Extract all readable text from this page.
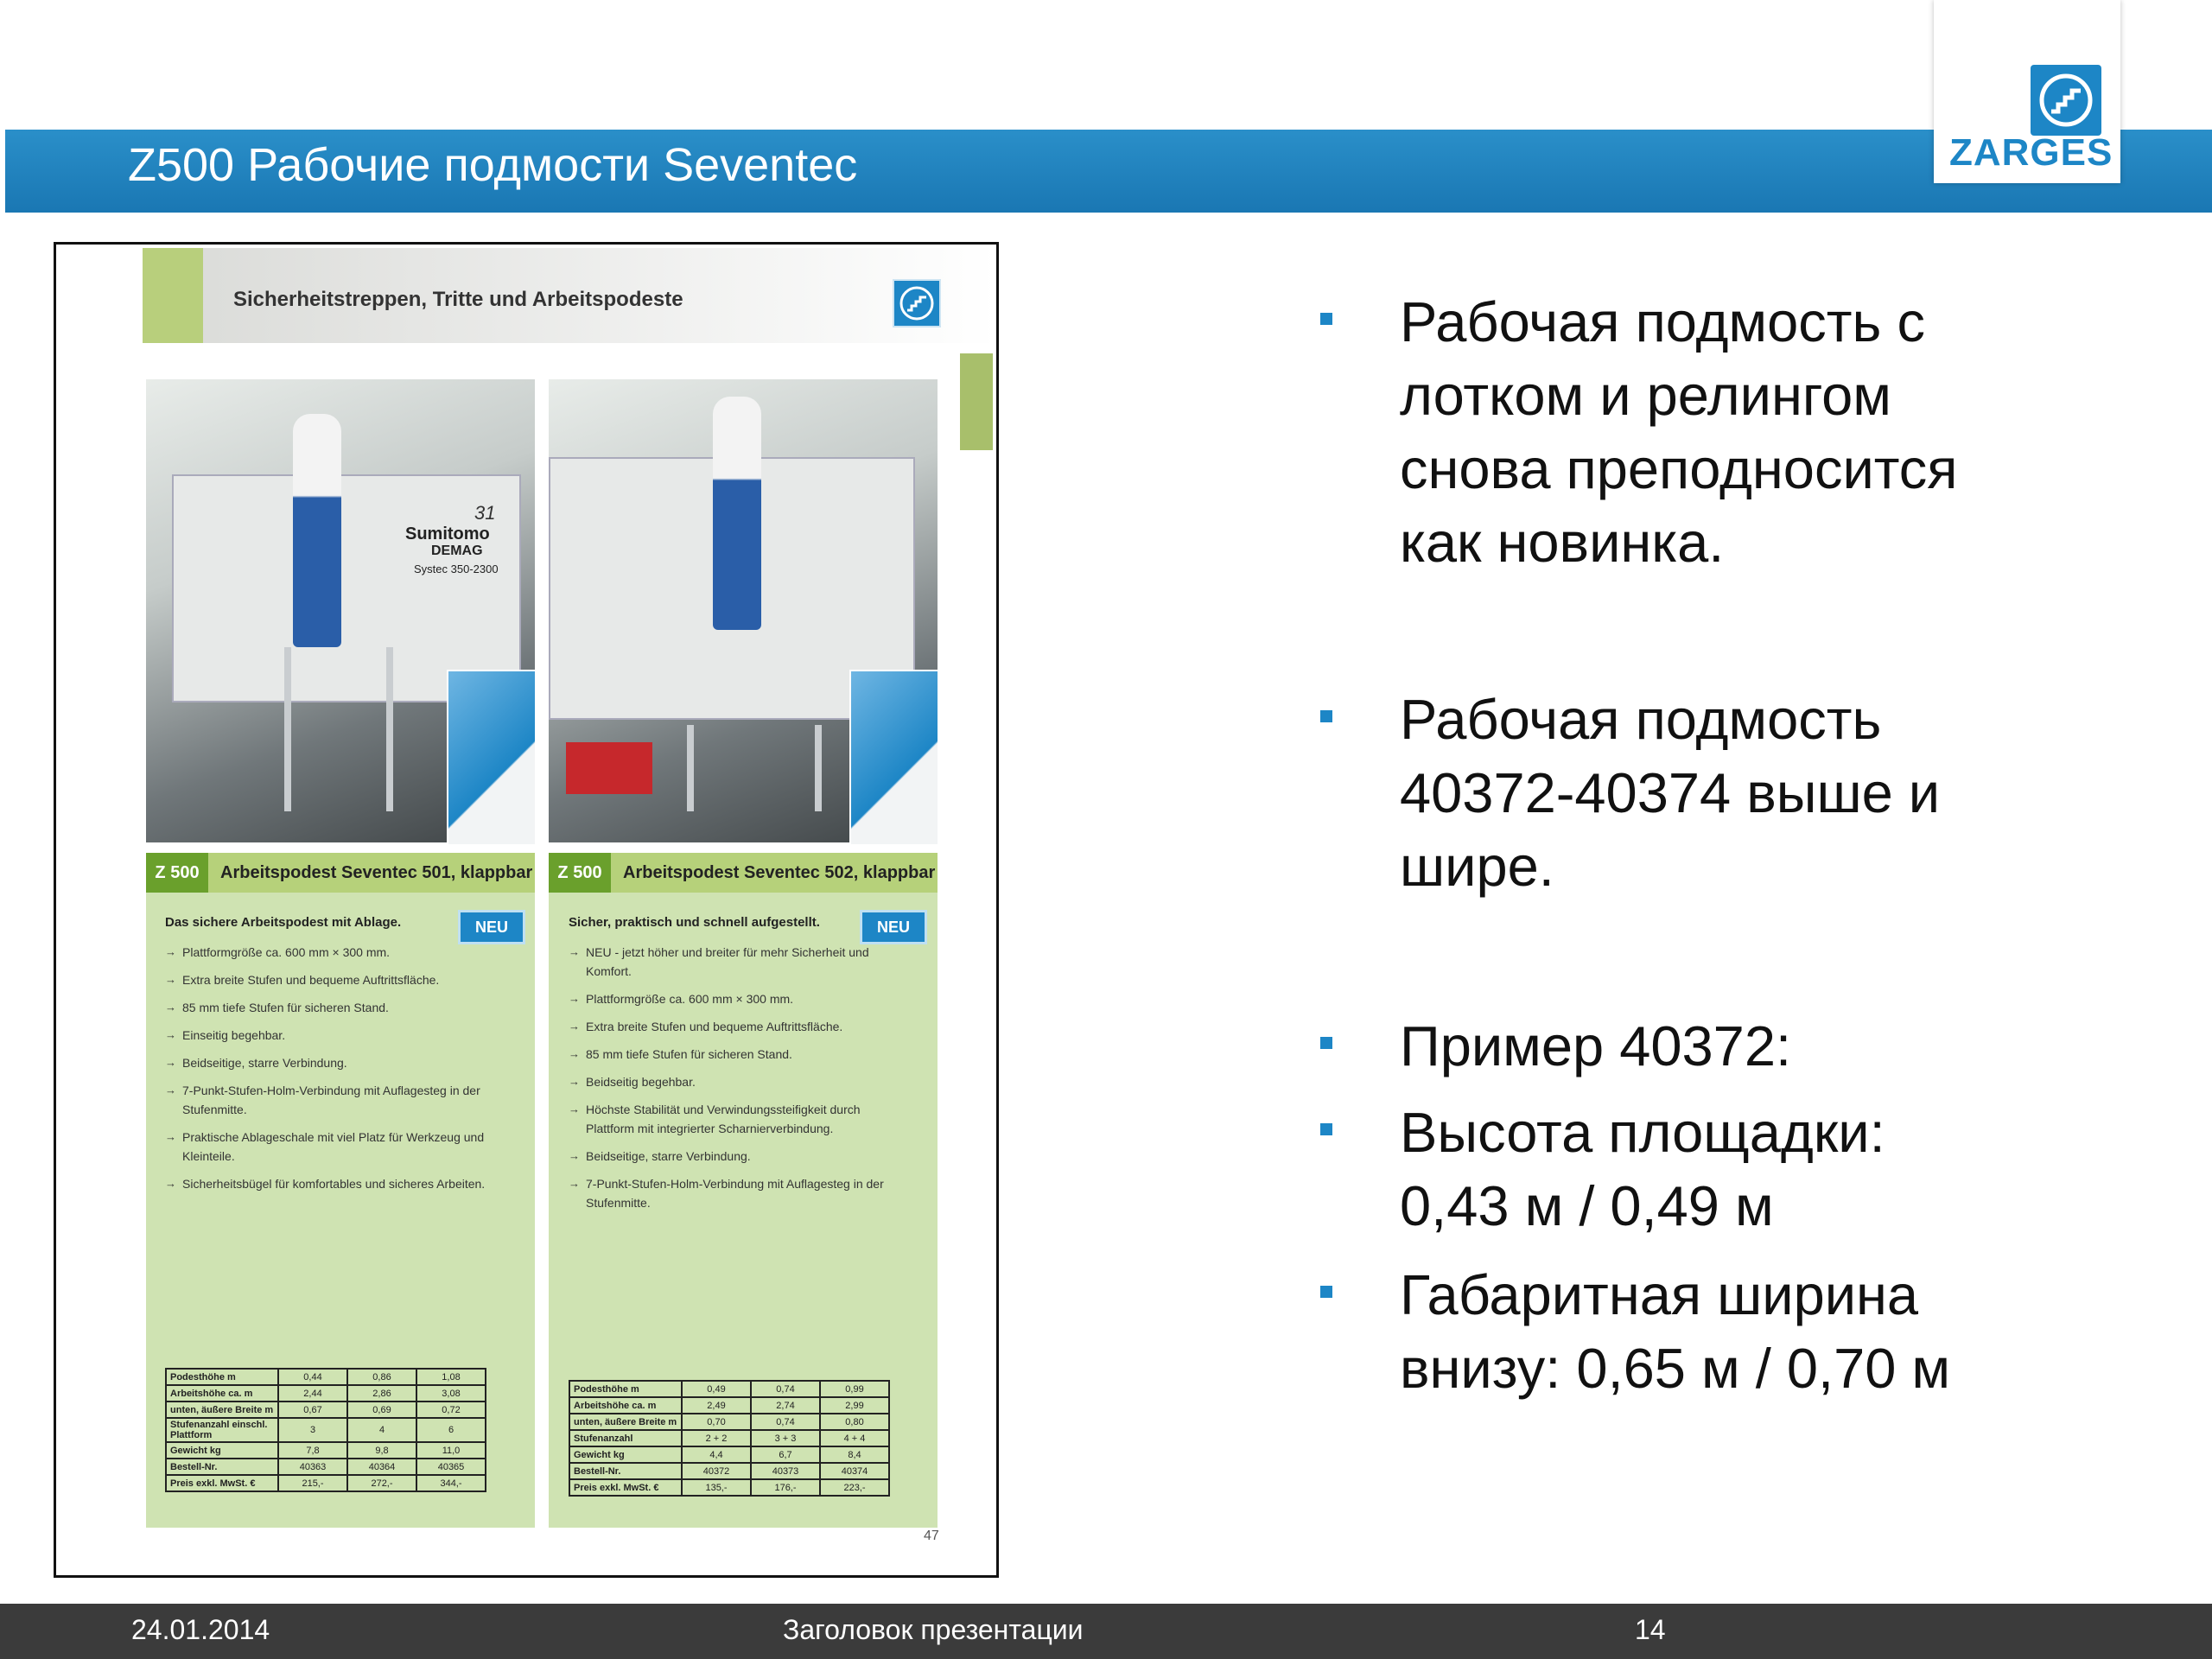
Z500 Рабочие подмости Seventec	ZARGES
Sicherheitstreppen, Tritte und Arbeitspodeste
31
Sumitomo
DEMAG
Systec 350-2300
Arbeitspodest Seventec 501, klappbar	Arbeitspodest Seventec 502, klappbar
Z 500	Z 500
NEU	NEU
Das sichere Arbeitspodest mit Ablage.	Sicher, praktisch und schnell aufgestellt.
→ Plattformgröße ca. 600 mm × 300 mm.
→ Extra breite Stufen und bequeme Auftrittsfläche.
→ 85 mm tiefe Stufen für sicheren Stand.
→ Einseitig begehbar.
→ Beidseitige, starre Verbindung.
→ 7-Punkt-Stufen-Holm-Verbindung mit Auflagesteg in der Stufenmitte.
→ Praktische Ablageschale mit viel Platz für Werkzeug und Kleinteile.
→ Sicherheitsbügel für komfortables und sicheres Arbeiten.
→ NEU - jetzt höher und breiter für mehr Sicherheit und Komfort.
→ Plattformgröße ca. 600 mm × 300 mm.
→ Extra breite Stufen und bequeme Auftrittsfläche.
→ 85 mm tiefe Stufen für sicheren Stand.
→ Beidseitig begehbar.
→ Höchste Stabilität und Verwindungssteifigkeit durch Plattform mit integrierter Scharnierverbindung.
→ Beidseitige, starre Verbindung.
→ 7-Punkt-Stufen-Holm-Verbindung mit Auflagesteg in der Stufenmitte.
Podesthöhe m	0,44	0,86	1,08
Arbeitshöhe ca. m	2,44	2,86	3,08
unten, äußere Breite m	0,67	0,69	0,72
Stufenanzahl einschl. Plattform	3	4	6
Gewicht kg	7,8	9,8	11,0
Bestell-Nr.	40363	40364	40365
Preis exkl. MwSt. €	215,-	272,-	344,-
Podesthöhe m	0,49	0,74	0,99
Arbeitshöhe ca. m	2,49	2,74	2,99
unten, äußere Breite m	0,70	0,74	0,80
Stufenanzahl	2 + 2	3 + 3	4 + 4
Gewicht kg	4,4	6,7	8,4
Bestell-Nr.	40372	40373	40374
Preis exkl. MwSt. €	135,-	176,-	223,-
47
Рабочая подмость с
лотком и релингом
снова преподносится
как новинка.
Рабочая подмость
40372-40374 выше и
шире.
Пример 40372:
Высота площадки:
0,43 м / 0,49 м
Габаритная ширина
внизу: 0,65 м / 0,70 м
24.01.2014	Заголовок презентации	14
